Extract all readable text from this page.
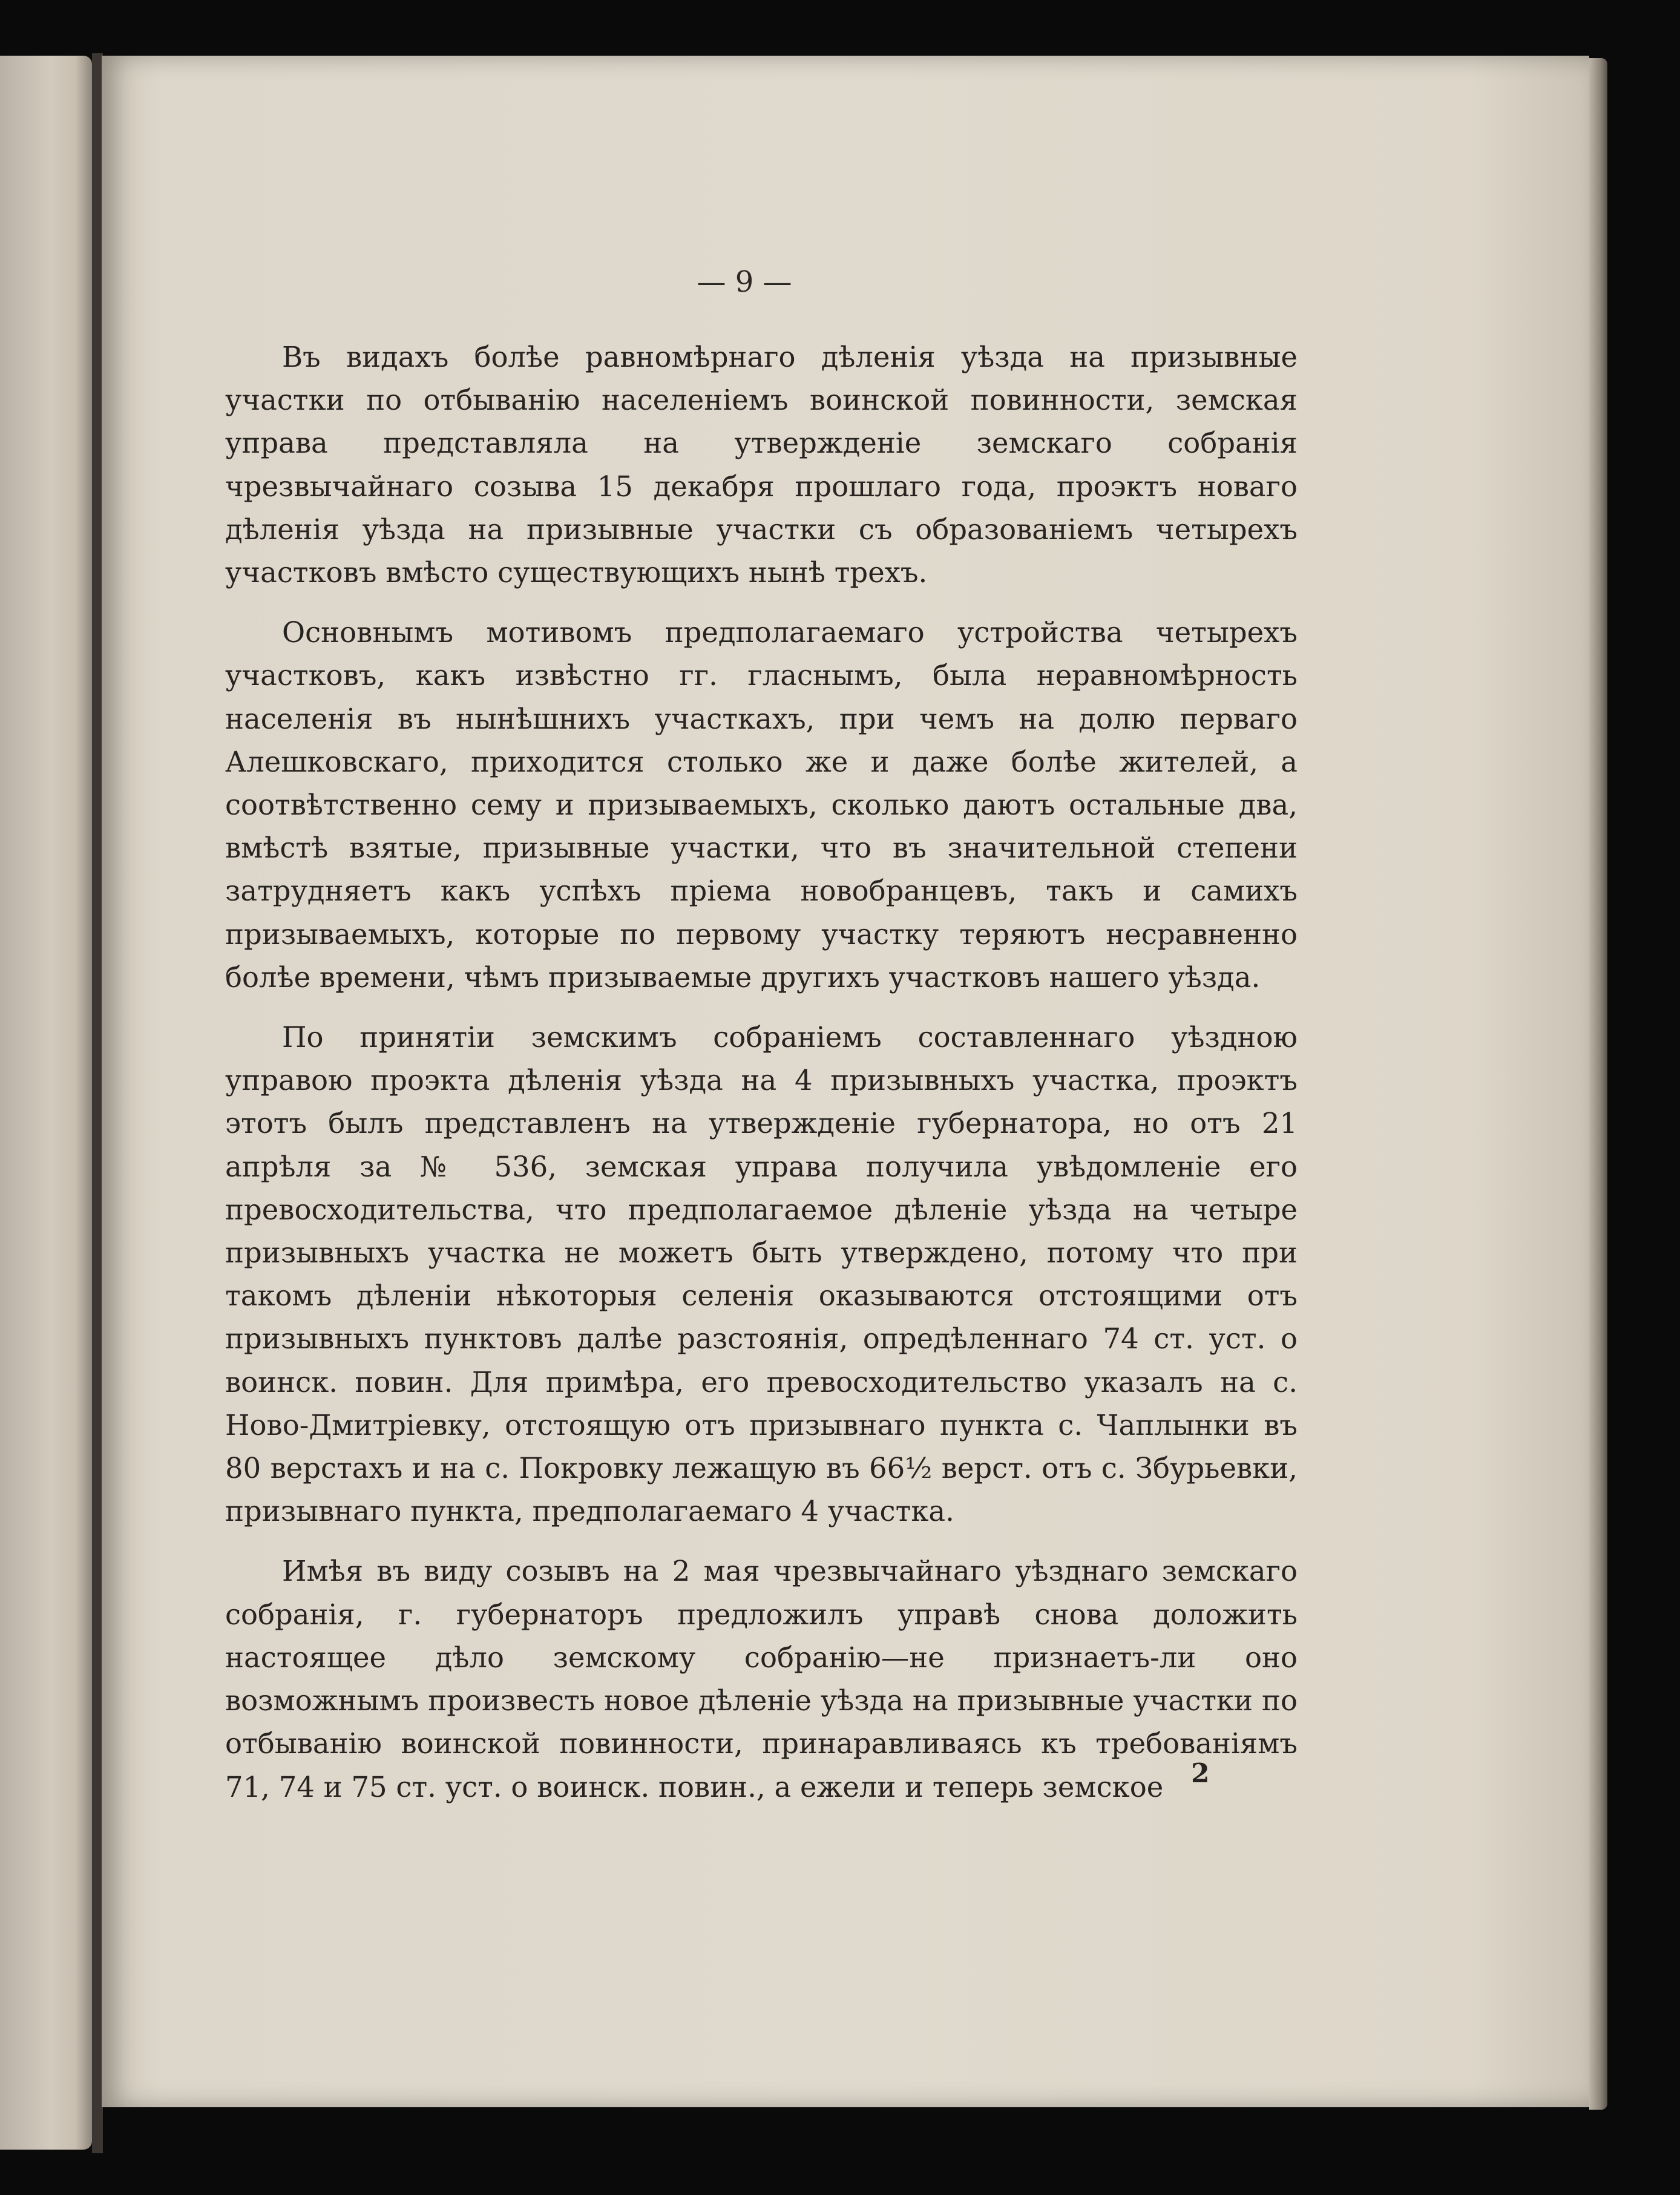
— 9 —

Въ видахъ болѣе равномѣрнаго дѣленія уѣзда на призывные участки по отбыванію населеніемъ воинской повинности, земская управа представляла на утвержденіе земскаго собранія чрезвычайнаго созыва 15 декабря прошлаго года, проэктъ новаго дѣленія уѣзда на призывные участки съ образованіемъ четырехъ участковъ вмѣсто существующихъ нынѣ трехъ.

Основнымъ мотивомъ предполагаемаго устройства четырехъ участковъ, какъ извѣстно гг. гласнымъ, была неравномѣрность населенія въ нынѣшнихъ участкахъ, при чемъ на долю перваго Алешковскаго, приходится столько же и даже болѣе жителей, а соотвѣтственно сему и призываемыхъ, сколько даютъ остальные два, вмѣстѣ взятые, призывные участки, что въ значительной степени затрудняетъ какъ успѣхъ пріема новобранцевъ, такъ и самихъ призываемыхъ, которые по первому участку теряютъ несравненно болѣе времени, чѣмъ призываемые другихъ участковъ нашего уѣзда.

По принятіи земскимъ собраніемъ составленнаго уѣздною управою проэкта дѣленія уѣзда на 4 призывныхъ участка, проэктъ этотъ былъ представленъ на утвержденіе губернатора, но отъ 21 апрѣля за № 536, земская управа получила увѣдомленіе его превосходительства, что предполагаемое дѣленіе уѣзда на четыре призывныхъ участка не можетъ быть утверждено, потому что при такомъ дѣленіи нѣкоторыя селенія оказываются отстоящими отъ призывныхъ пунктовъ далѣе разстоянія, опредѣленнаго 74 ст. уст. о воинск. повин. Для примѣра, его превосходительство указалъ на с. Ново-Дмитріевку, отстоящую отъ призывнаго пункта с. Чаплынки въ 80 верстахъ и на с. Покровку лежащую въ 66½ верст. отъ с. Збурьевки, призывнаго пункта, предполагаемаго 4 участка.

Имѣя въ виду созывъ на 2 мая чрезвычайнаго уѣзднаго земскаго собранія, г. губернаторъ предложилъ управѣ снова доложить настоящее дѣло земскому собранію—не признаетъ-ли оно возможнымъ произвесть новое дѣленіе уѣзда на призывные участки по отбыванію воинской повинности, принаравливаясь къ требованіямъ 71, 74 и 75 ст. уст. о воинск. повин., а ежели и теперь земское	2
